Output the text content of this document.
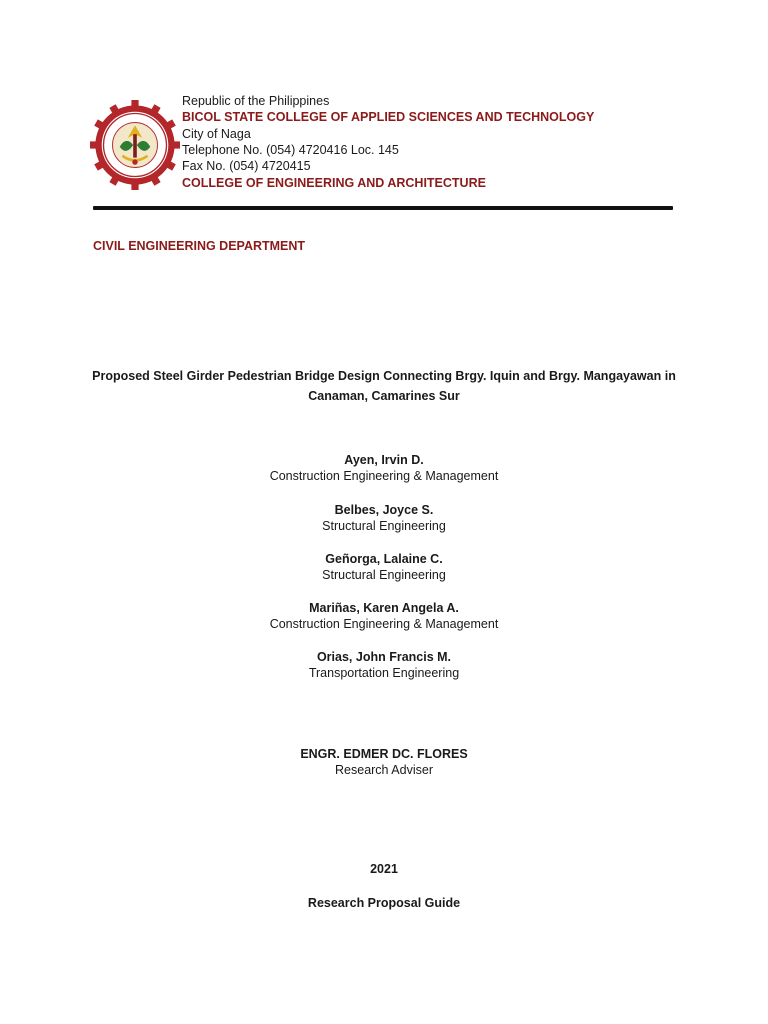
Republic of the Philippines
BICOL STATE COLLEGE OF APPLIED SCIENCES AND TECHNOLOGY
City of Naga
Telephone No. (054) 4720416 Loc. 145
Fax No. (054) 4720415
COLLEGE OF ENGINEERING AND ARCHITECTURE
CIVIL ENGINEERING DEPARTMENT
Proposed Steel Girder Pedestrian Bridge Design Connecting Brgy. Iquin and Brgy. Mangayawan in
Canaman, Camarines Sur
Ayen, Irvin D.
Construction Engineering & Management
Belbes, Joyce S.
Structural Engineering
Geñorga, Lalaine C.
Structural Engineering
Mariñas, Karen Angela A.
Construction Engineering & Management
Orias, John Francis M.
Transportation Engineering
ENGR. EDMER DC. FLORES
Research Adviser
2021
Research Proposal Guide
